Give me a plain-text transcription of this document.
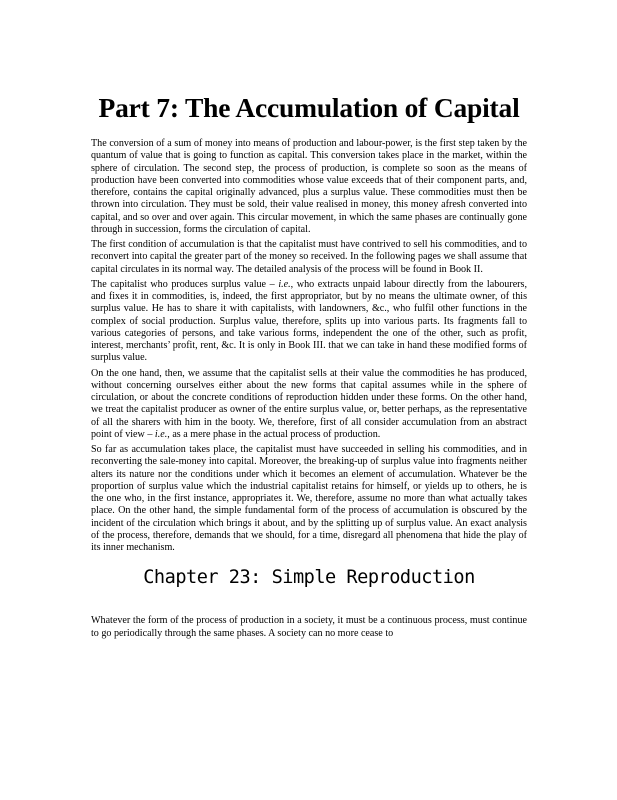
Part 7: The Accumulation of Capital

The conversion of a sum of money into means of production and labour-power, is the first step taken by the quantum of value that is going to function as capital. This conversion takes place in the market, within the sphere of circulation. The second step, the process of production, is complete so soon as the means of production have been converted into commodities whose value exceeds that of their component parts, and, therefore, contains the capital originally advanced, plus a surplus value. These commodities must then be thrown into circulation. They must be sold, their value realised in money, this money afresh converted into capital, and so over and over again. This circular movement, in which the same phases are continually gone through in succession, forms the circulation of capital.

The first condition of accumulation is that the capitalist must have contrived to sell his commodities, and to reconvert into capital the greater part of the money so received. In the following pages we shall assume that capital circulates in its normal way. The detailed analysis of the process will be found in Book II.

The capitalist who produces surplus value – i.e., who extracts unpaid labour directly from the labourers, and fixes it in commodities, is, indeed, the first appropriator, but by no means the ultimate owner, of this surplus value. He has to share it with capitalists, with landowners, &c., who fulfil other functions in the complex of social production. Surplus value, therefore, splits up into various parts. Its fragments fall to various categories of persons, and take various forms, independent the one of the other, such as profit, interest, merchants’ profit, rent, &c. It is only in Book III. that we can take in hand these modified forms of surplus value.

On the one hand, then, we assume that the capitalist sells at their value the commodities he has produced, without concerning ourselves either about the new forms that capital assumes while in the sphere of circulation, or about the concrete conditions of reproduction hidden under these forms. On the other hand, we treat the capitalist producer as owner of the entire surplus value, or, better perhaps, as the representative of all the sharers with him in the booty. We, therefore, first of all consider accumulation from an abstract point of view – i.e., as a mere phase in the actual process of production.

So far as accumulation takes place, the capitalist must have succeeded in selling his commodities, and in reconverting the sale-money into capital. Moreover, the breaking-up of surplus value into fragments neither alters its nature nor the conditions under which it becomes an element of accumulation. Whatever be the proportion of surplus value which the industrial capitalist retains for himself, or yields up to others, he is the one who, in the first instance, appropriates it. We, therefore, assume no more than what actually takes place. On the other hand, the simple fundamental form of the process of accumulation is obscured by the incident of the circulation which brings it about, and by the splitting up of surplus value. An exact analysis of the process, therefore, demands that we should, for a time, disregard all phenomena that hide the play of its inner mechanism.

Chapter 23: Simple Reproduction

Whatever the form of the process of production in a society, it must be a continuous process, must continue to go periodically through the same phases. A society can no more cease to
